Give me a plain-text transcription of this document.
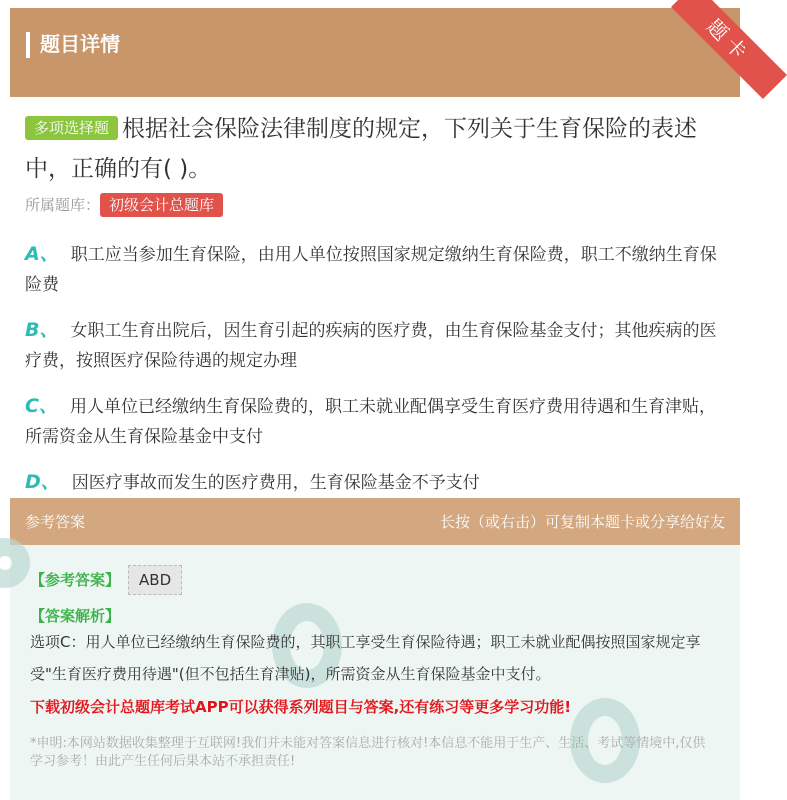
题目详情	题卡
多项选择题 根据社会保险法律制度的规定，下列关于生育保险的表述中，正确的有( )。
所属题库： 初级会计总题库
A、 职工应当参加生育保险，由用人单位按照国家规定缴纳生育保险费，职工不缴纳生育保险费
B、 女职工生育出院后，因生育引起的疾病的医疗费，由生育保险基金支付；其他疾病的医疗费，按照医疗保险待遇的规定办理
C、 用人单位已经缴纳生育保险费的，职工未就业配偶享受生育医疗费用待遇和生育津贴，所需资金从生育保险基金中支付
D、 因医疗事故而发生的医疗费用，生育保险基金不予支付
参考答案	长按（或右击）可复制本题卡或分享给好友
【参考答案】 ABD
【答案解析】
选项C：用人单位已经缴纳生育保险费的，其职工享受生育保险待遇；职工未就业配偶按照国家规定享受"生育医疗费用待遇"(但不包括生育津贴)，所需资金从生育保险基金中支付。
下载初级会计总题库考试APP可以获得系列题目与答案,还有练习等更多学习功能!
*申明:本网站数据收集整理于互联网!我们并未能对答案信息进行核对!本信息不能用于生产、生活、考试等情境中,仅供学习参考！由此产生任何后果本站不承担责任!
